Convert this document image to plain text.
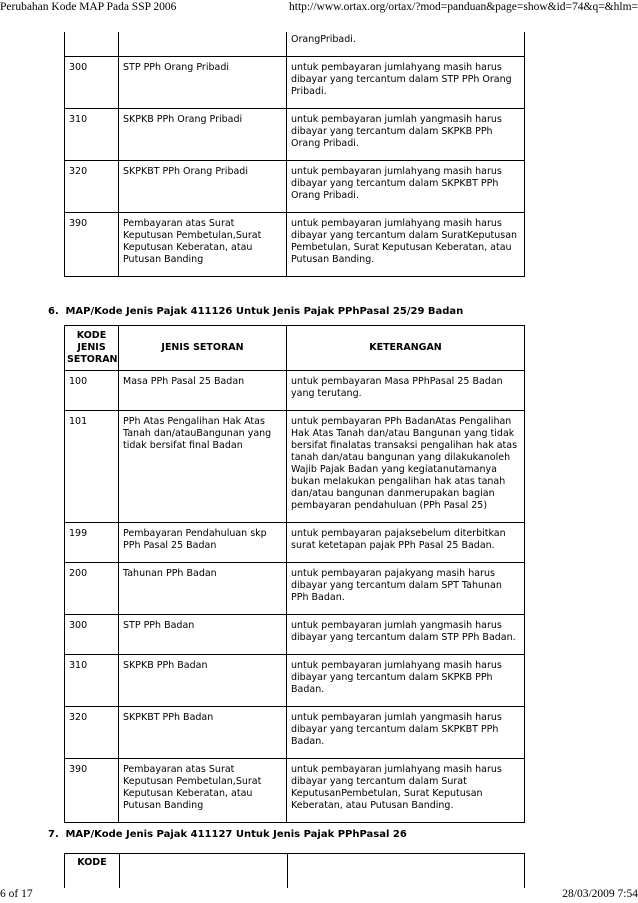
Perubahan Kode MAP Pada SSP 2006	http://www.ortax.org/ortax/?mod=panduan&page=show&id=74&q=&hlm=
		OrangPribadi.
300	STP PPh Orang Pribadi	untuk pembayaran jumlahyang masih harus dibayar yang tercantum dalam STP PPh Orang Pribadi.
310	SKPKB PPh Orang Pribadi	untuk pembayaran jumlah yangmasih harus dibayar yang tercantum dalam SKPKB PPh Orang Pribadi.
320	SKPKBT PPh Orang Pribadi	untuk pembayaran jumlahyang masih harus dibayar yang tercantum dalam SKPKBT PPh Orang Pribadi.
390	Pembayaran atas Surat Keputusan Pembetulan,Surat Keputusan Keberatan, atau Putusan Banding	untuk pembayaran jumlahyang masih harus dibayar yang tercantum dalam SuratKeputusan Pembetulan, Surat Keputusan Keberatan, atau Putusan Banding.
6. MAP/Kode Jenis Pajak 411126 Untuk Jenis Pajak PPhPasal 25/29 Badan
KODE JENIS SETORAN	JENIS SETORAN	KETERANGAN
100	Masa PPh Pasal 25 Badan	untuk pembayaran Masa PPhPasal 25 Badan yang terutang.
101	PPh Atas Pengalihan Hak Atas Tanah dan/atauBangunan yang tidak bersifat final Badan	untuk pembayaran PPh BadanAtas Pengalihan Hak Atas Tanah dan/atau Bangunan yang tidak bersifat finalatas transaksi pengalihan hak atas tanah dan/atau bangunan yang dilakukanoleh Wajib Pajak Badan yang kegiatanutamanya bukan melakukan pengalihan hak atas tanah dan/atau bangunan danmerupakan bagian pembayaran pendahuluan (PPh Pasal 25)
199	Pembayaran Pendahuluan skp PPh Pasal 25 Badan	untuk pembayaran pajaksebelum diterbitkan surat ketetapan pajak PPh Pasal 25 Badan.
200	Tahunan PPh Badan	untuk pembayaran pajakyang masih harus dibayar yang tercantum dalam SPT Tahunan PPh Badan.
300	STP PPh Badan	untuk pembayaran jumlah yangmasih harus dibayar yang tercantum dalam STP PPh Badan.
310	SKPKB PPh Badan	untuk pembayaran jumlahyang masih harus dibayar yang tercantum dalam SKPKB PPh Badan.
320	SKPKBT PPh Badan	untuk pembayaran jumlah yangmasih harus dibayar yang tercantum dalam SKPKBT PPh Badan.
390	Pembayaran atas Surat Keputusan Pembetulan,Surat Keputusan Keberatan, atau Putusan Banding	untuk pembayaran jumlahyang masih harus dibayar yang tercantum dalam Surat KeputusanPembetulan, Surat Keputusan Keberatan, atau Putusan Banding.
7. MAP/Kode Jenis Pajak 411127 Untuk Jenis Pajak PPhPasal 26
KODE
6 of 17	28/03/2009 7:54
